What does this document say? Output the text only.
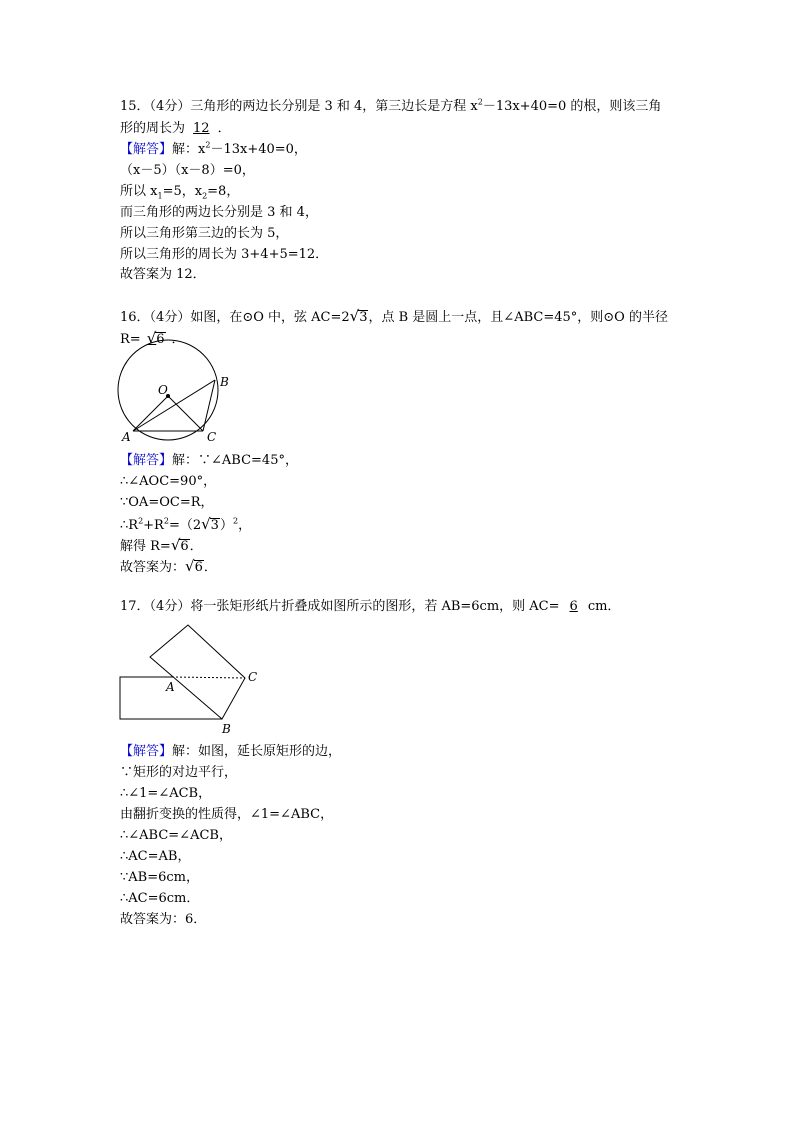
15．（4分）三角形的两边长分别是 3 和 4，第三边长是方程 $x^2-13x+40=0$ 的根，则该三角
形的周长为 12 ．
【解答】解：$x^2-13x+40=0$，
（x－5）（x－8）=0，
所以 $x_1=5$，$x_2=8$，
而三角形的两边长分别是 3 和 4，
所以三角形第三边的长为 5，
所以三角形的周长为 3+4+5=12．
故答案为 12．
16．（4分）如图，在⊙O 中，弦 AC=2√3，点 B 是圆上一点，且∠ABC=45°，则⊙O 的半径
R= √6 ．
O
B
A	C
【解答】解：∵∠ABC=45°，
∴∠AOC=90°，
∵OA=OC=R，
$\therefore R^2+R^2=(2√3)^2$，
解得 R=√6．
故答案为：√6．
17．（4分）将一张矩形纸片折叠成如图所示的图形，若 AB=6cm，则 AC= 6 cm．
A
C
B
【解答】解：如图，延长原矩形的边，
∵矩形的对边平行，
∴∠1=∠ACB，
由翻折变换的性质得，∠1=∠ABC，
∴∠ABC=∠ACB，
∴AC=AB，
∵AB=6cm，
∴AC=6cm．
故答案为：6．
